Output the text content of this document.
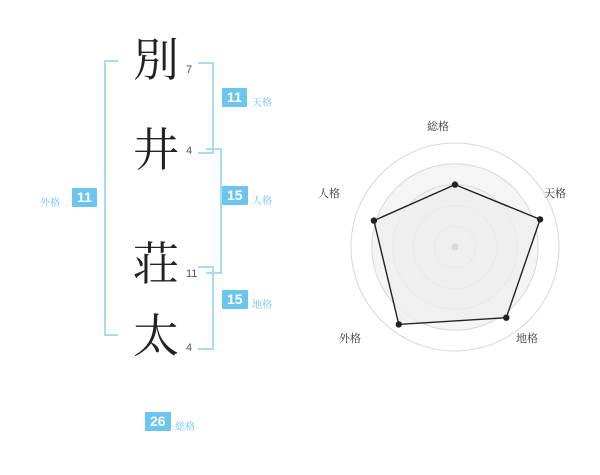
別
井
荘
太
7
4
11
4
11	天格
15 人格
15 地格
11
外格
26 総格
総格
天格
地格
外格
人格
